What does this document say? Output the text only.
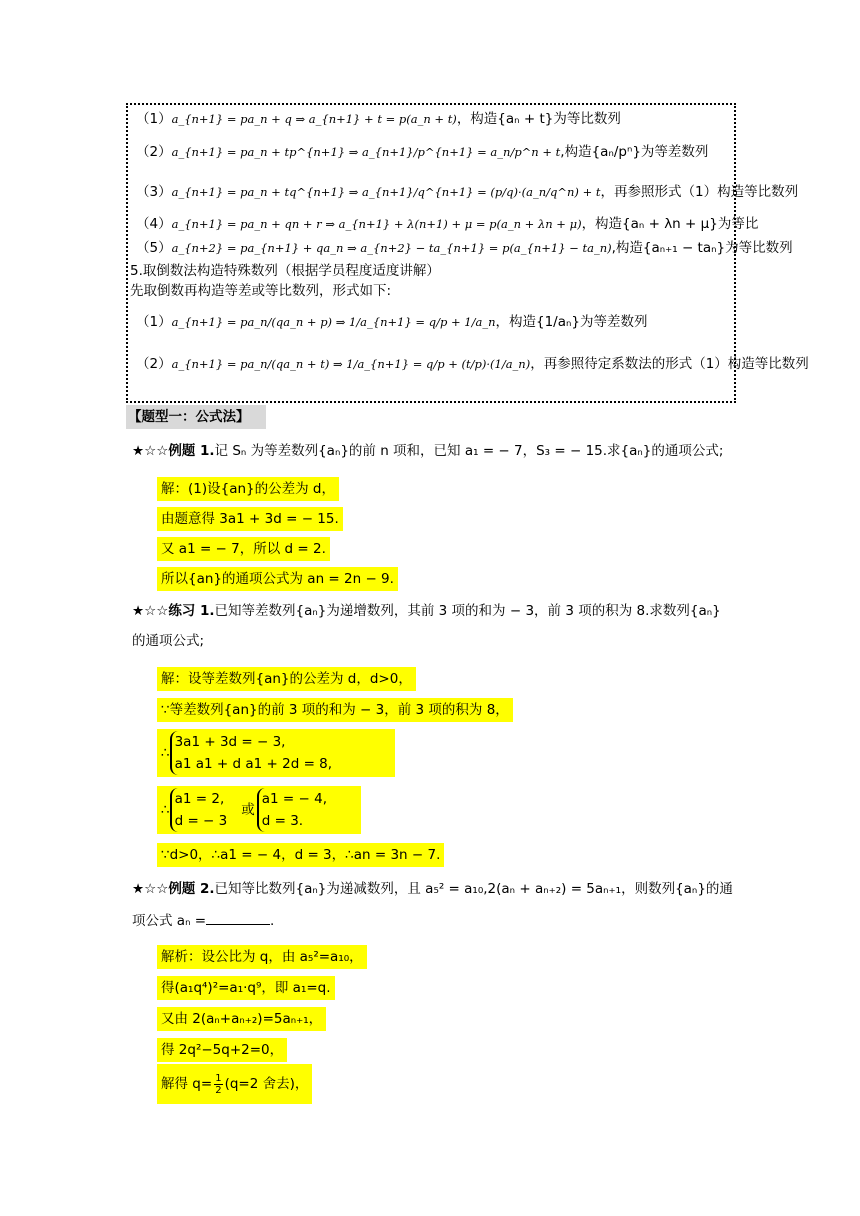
（1）a_{n+1} = pa_n + q ⇒ a_{n+1} + t = p(a_n + t)，构造{aₙ + t}为等比数列
（2）a_{n+1} = pa_n + tp^{n+1} ⇒ a_{n+1}/p^{n+1} = a_n/p^n + t,构造{aₙ/pⁿ}为等差数列
（3）a_{n+1} = pa_n + tq^{n+1} ⇒ a_{n+1}/q^{n+1} = (p/q)·(a_n/q^n) + t，再参照形式（1）构造等比数列
（4）a_{n+1} = pa_n + qn + r ⇒ a_{n+1} + λ(n+1) + μ = p(a_n + λn + μ)，构造{aₙ + λn + μ}为等比
（5）a_{n+2} = pa_{n+1} + qa_n ⇒ a_{n+2} − ta_{n+1} = p(a_{n+1} − ta_n),构造{aₙ₊₁ − taₙ}为等比数列
5.取倒数法构造特殊数列（根据学员程度适度讲解）
先取倒数再构造等差或等比数列，形式如下:
（1）a_{n+1} = pa_n/(qa_n + p) ⇒ 1/a_{n+1} = q/p + 1/a_n，构造{1/aₙ}为等差数列
（2）a_{n+1} = pa_n/(qa_n + t) ⇒ 1/a_{n+1} = q/p + (t/p)·(1/a_n)，再参照待定系数法的形式（1）构造等比数列
【题型一：公式法】
★☆☆例题 1.记 Sₙ 为等差数列{aₙ}的前 n 项和，已知 a₁ = − 7，S₃ = − 15.求{aₙ}的通项公式;
解：(1)设{an}的公差为 d，
由题意得 3a1 + 3d = − 15.
又 a1 = − 7，所以 d = 2.
所以{an}的通项公式为 an = 2n − 9.
★☆☆练习 1.已知等差数列{aₙ}为递增数列，其前 3 项的和为 − 3，前 3 项的积为 8.求数列{aₙ}
的通项公式;
解：设等差数列{an}的公差为 d，d>0，
∵等差数列{an}的前 3 项的和为 − 3，前 3 项的积为 8，
∴3a1 + 3d = − 3,
a1 a1 + d a1 + 2d = 8,
∴a1 = 2,
d = − 3或a1 = − 4,
d = 3.
∵d>0，∴a1 = − 4，d = 3，∴an = 3n − 7.
★☆☆例题 2.已知等比数列{aₙ}为递减数列，且 a₅² = a₁₀,2(aₙ + aₙ₊₂) = 5aₙ₊₁，则数列{aₙ}的通
项公式 aₙ =	.
解析：设公比为 q，由 a₅²=a₁₀，
得(a₁q⁴)²=a₁·q⁹，即 a₁=q.
又由 2(aₙ+aₙ₊₂)=5aₙ₊₁，
得 2q²−5q+2=0，
解得 $q= \frac{1}{2} (q=2$ 舍去)，
